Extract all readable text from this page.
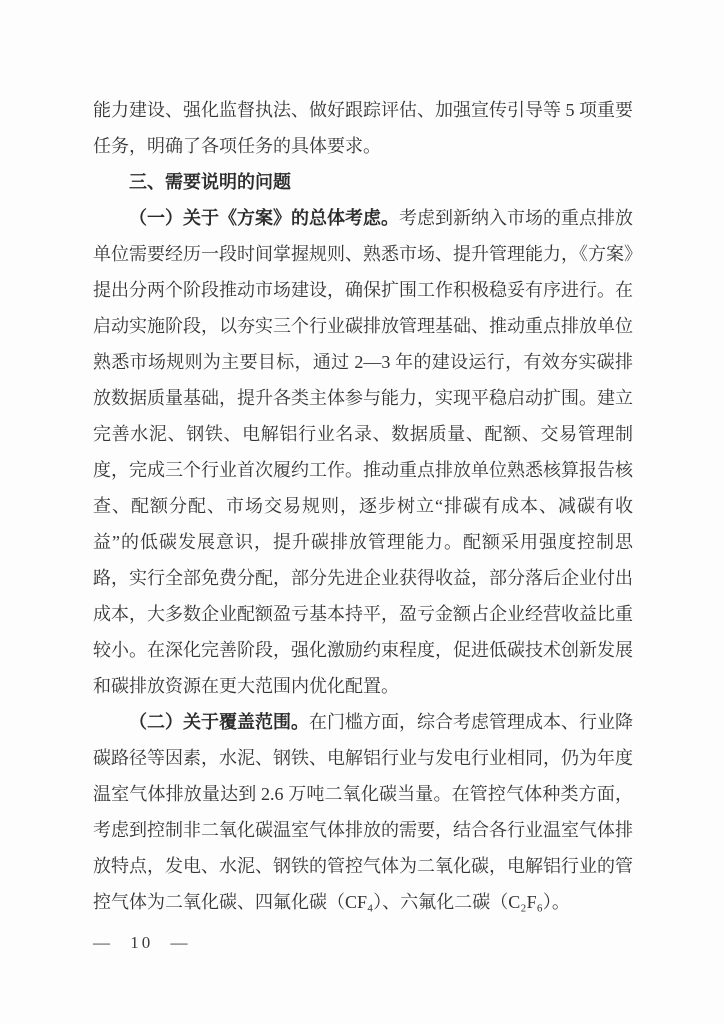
能力建设、强化监督执法、做好跟踪评估、加强宣传引导等 5 项重要任务，明确了各项任务的具体要求。

三、需要说明的问题

（一）关于《方案》的总体考虑。考虑到新纳入市场的重点排放单位需要经历一段时间掌握规则、熟悉市场、提升管理能力，《方案》提出分两个阶段推动市场建设，确保扩围工作积极稳妥有序进行。在启动实施阶段，以夯实三个行业碳排放管理基础、推动重点排放单位熟悉市场规则为主要目标，通过 2—3 年的建设运行，有效夯实碳排放数据质量基础，提升各类主体参与能力，实现平稳启动扩围。建立完善水泥、钢铁、电解铝行业名录、数据质量、配额、交易管理制度，完成三个行业首次履约工作。推动重点排放单位熟悉核算报告核查、配额分配、市场交易规则，逐步树立“排碳有成本、减碳有收益”的低碳发展意识，提升碳排放管理能力。配额采用强度控制思路，实行全部免费分配，部分先进企业获得收益，部分落后企业付出成本，大多数企业配额盈亏基本持平，盈亏金额占企业经营收益比重较小。在深化完善阶段，强化激励约束程度，促进低碳技术创新发展和碳排放资源在更大范围内优化配置。

（二）关于覆盖范围。在门槛方面，综合考虑管理成本、行业降碳路径等因素，水泥、钢铁、电解铝行业与发电行业相同，仍为年度温室气体排放量达到 2.6 万吨二氧化碳当量。在管控气体种类方面，考虑到控制非二氧化碳温室气体排放的需要，结合各行业温室气体排放特点，发电、水泥、钢铁的管控气体为二氧化碳，电解铝行业的管控气体为二氧化碳、四氟化碳（CF₄）、六氟化二碳（C₂F₆）。

— 10 —
